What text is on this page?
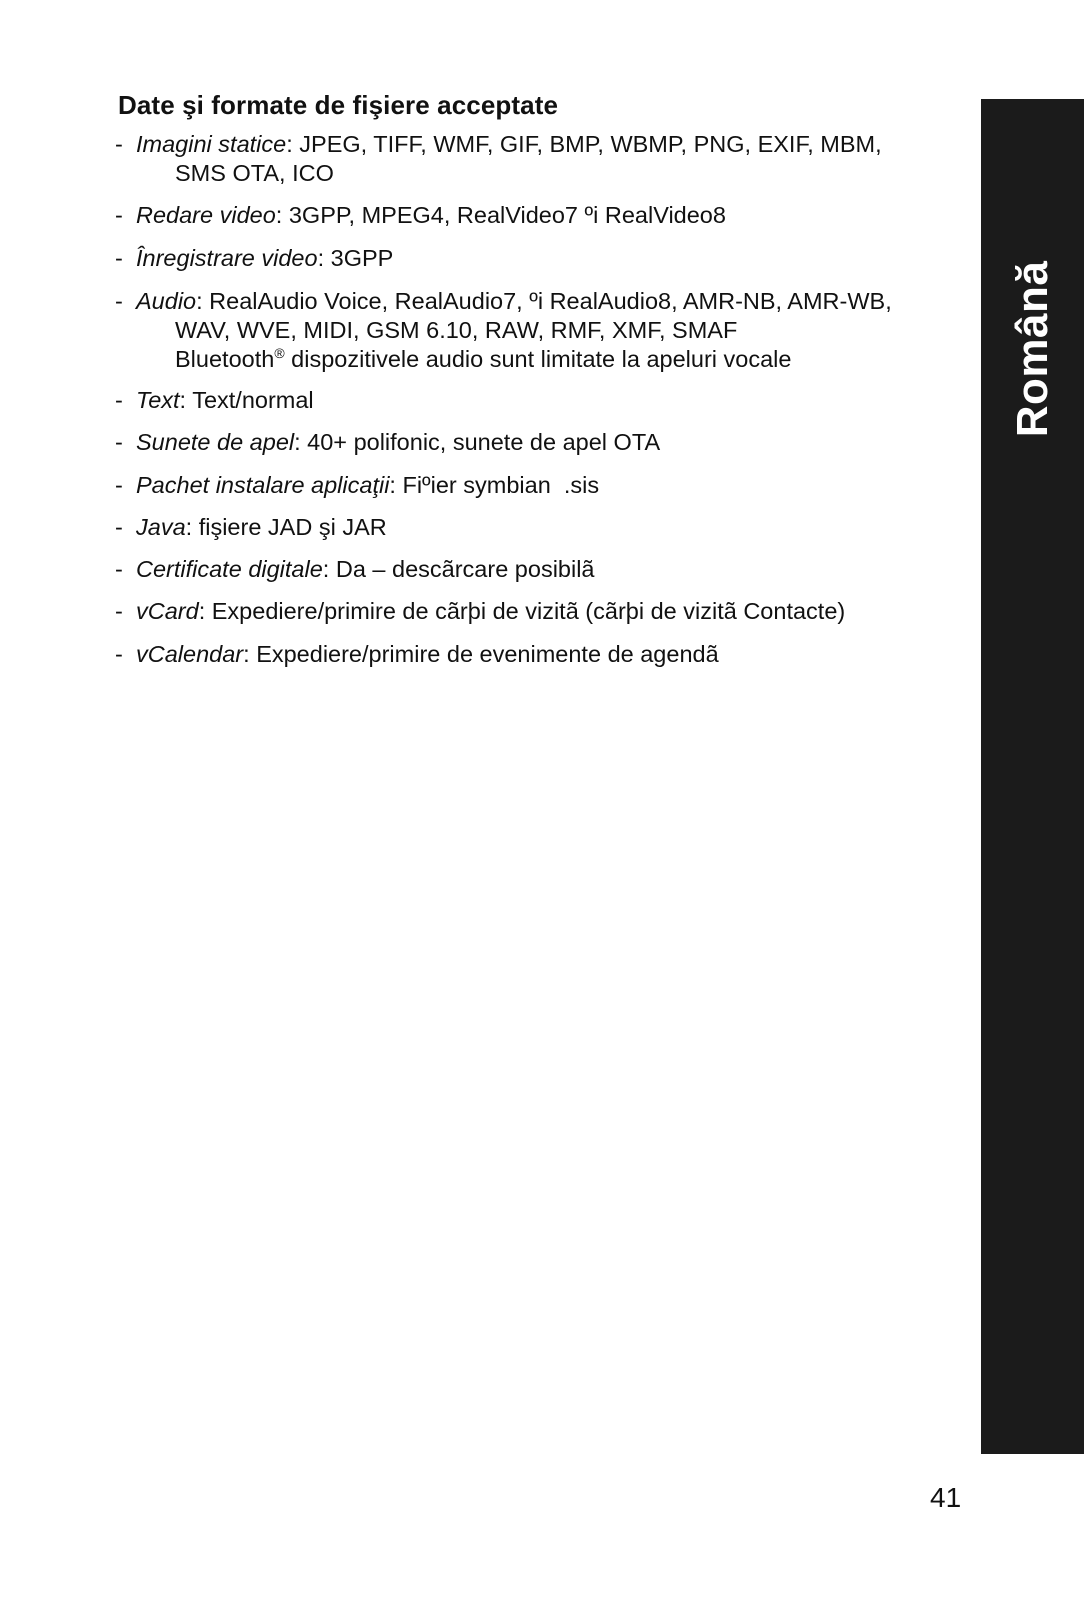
Date şi formate de fişiere acceptate
- Imagini statice: JPEG, TIFF, WMF, GIF, BMP, WBMP, PNG, EXIF, MBM,
SMS OTA, ICO
- Redare video: 3GPP, MPEG4, RealVideo7 ºi RealVideo8
- Înregistrare video: 3GPP
- Audio: RealAudio Voice, RealAudio7, ºi RealAudio8, AMR-NB, AMR-WB,
WAV, WVE, MIDI, GSM 6.10, RAW, RMF, XMF, SMAF
Bluetooth® dispozitivele audio sunt limitate la apeluri vocale
- Text: Text/normal
- Sunete de apel: 40+ polifonic, sunete de apel OTA
- Pachet instalare aplicaţii: Fiºier symbian  .sis
- Java: fişiere JAD şi JAR
- Certificate digitale: Da – descãrcare posibilã
- vCard: Expediere/primire de cãrþi de vizitã (cãrþi de vizitã Contacte)
- vCalendar: Expediere/primire de evenimente de agendã
Română
41
